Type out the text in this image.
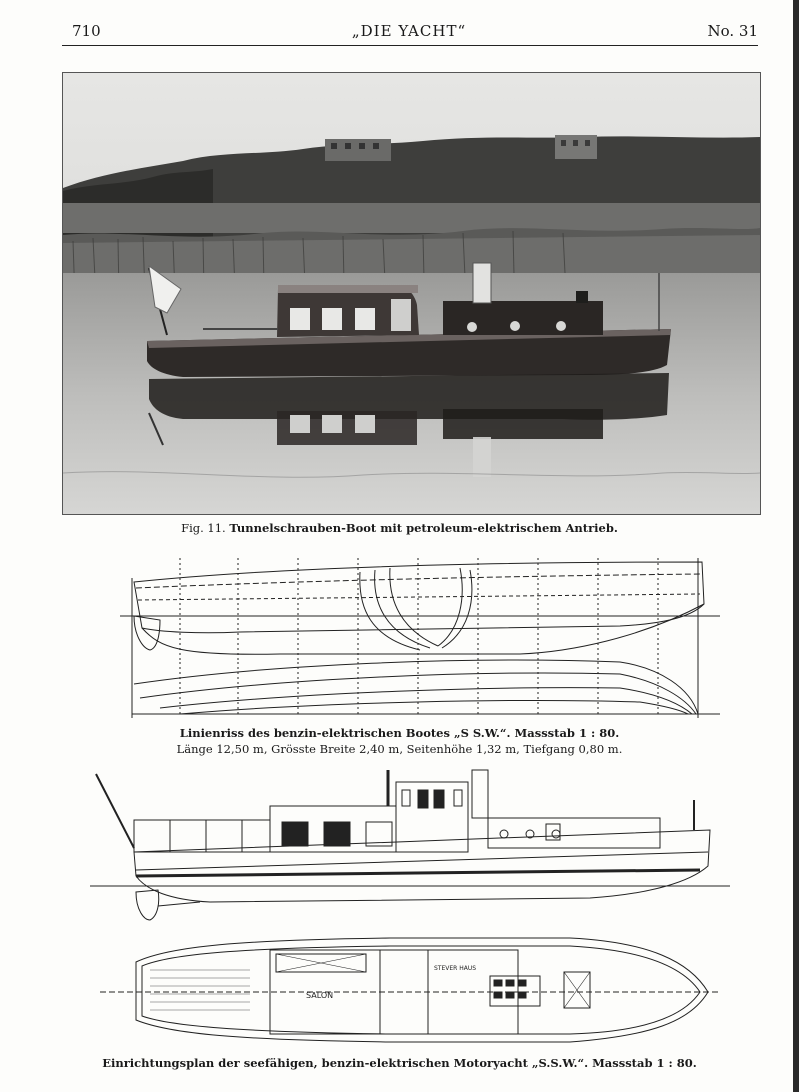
710	„DIE YACHT“	No. 31
Fig. 11. Tunnelschrauben-Boot mit petroleum-elektrischem Antrieb.
Linienriss des benzin-elektrischen Bootes „S S.W.“. Massstab 1 : 80.
Länge 12,50 m, Grösste Breite 2,40 m, Seitenhöhe 1,32 m, Tiefgang 0,80 m.
SALON
STEVER HAUS
Einrichtungsplan der seefähigen, benzin-elektrischen Motoryacht „S.S.W.“. Massstab 1 : 80.
